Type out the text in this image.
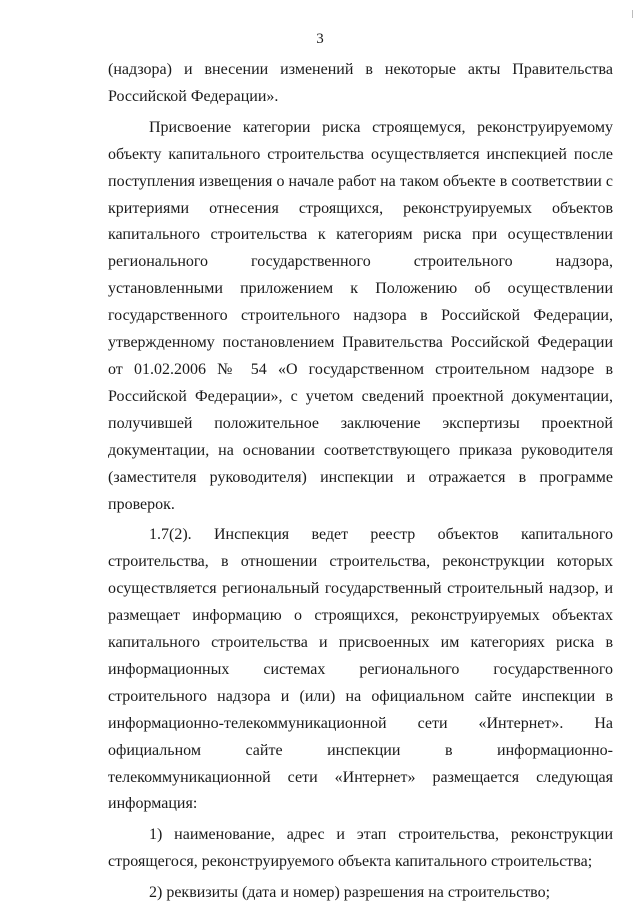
3

(надзора) и внесении изменений в некоторые акты Правительства Российской Федерации».

Присвоение категории риска строящемуся, реконструируемому объекту капитального строительства осуществляется инспекцией после поступления извещения о начале работ на таком объекте в соответствии с критериями отнесения строящихся, реконструируемых объектов капитального строительства к категориям риска при осуществлении регионального государственного строительного надзора, установленными приложением к Положению об осуществлении государственного строительного надзора в Российской Федерации, утвержденному постановлением Правительства Российской Федерации от 01.02.2006 № 54 «О государственном строительном надзоре в Российской Федерации», с учетом сведений проектной документации, получившей положительное заключение экспертизы проектной документации, на основании соответствующего приказа руководителя (заместителя руководителя) инспекции и отражается в программе проверок.

1.7(2). Инспекция ведет реестр объектов капитального строительства, в отношении строительства, реконструкции которых осуществляется региональный государственный строительный надзор, и размещает информацию о строящихся, реконструируемых объектах капитального строительства и присвоенных им категориях риска в информационных системах регионального государственного строительного надзора и (или) на официальном сайте инспекции в информационно-телекоммуникационной сети «Интернет». На официальном сайте инспекции в информационно-телекоммуникационной сети «Интернет» размещается следующая информация:

1) наименование, адрес и этап строительства, реконструкции строящегося, реконструируемого объекта капитального строительства;

2) реквизиты (дата и номер) разрешения на строительство;
